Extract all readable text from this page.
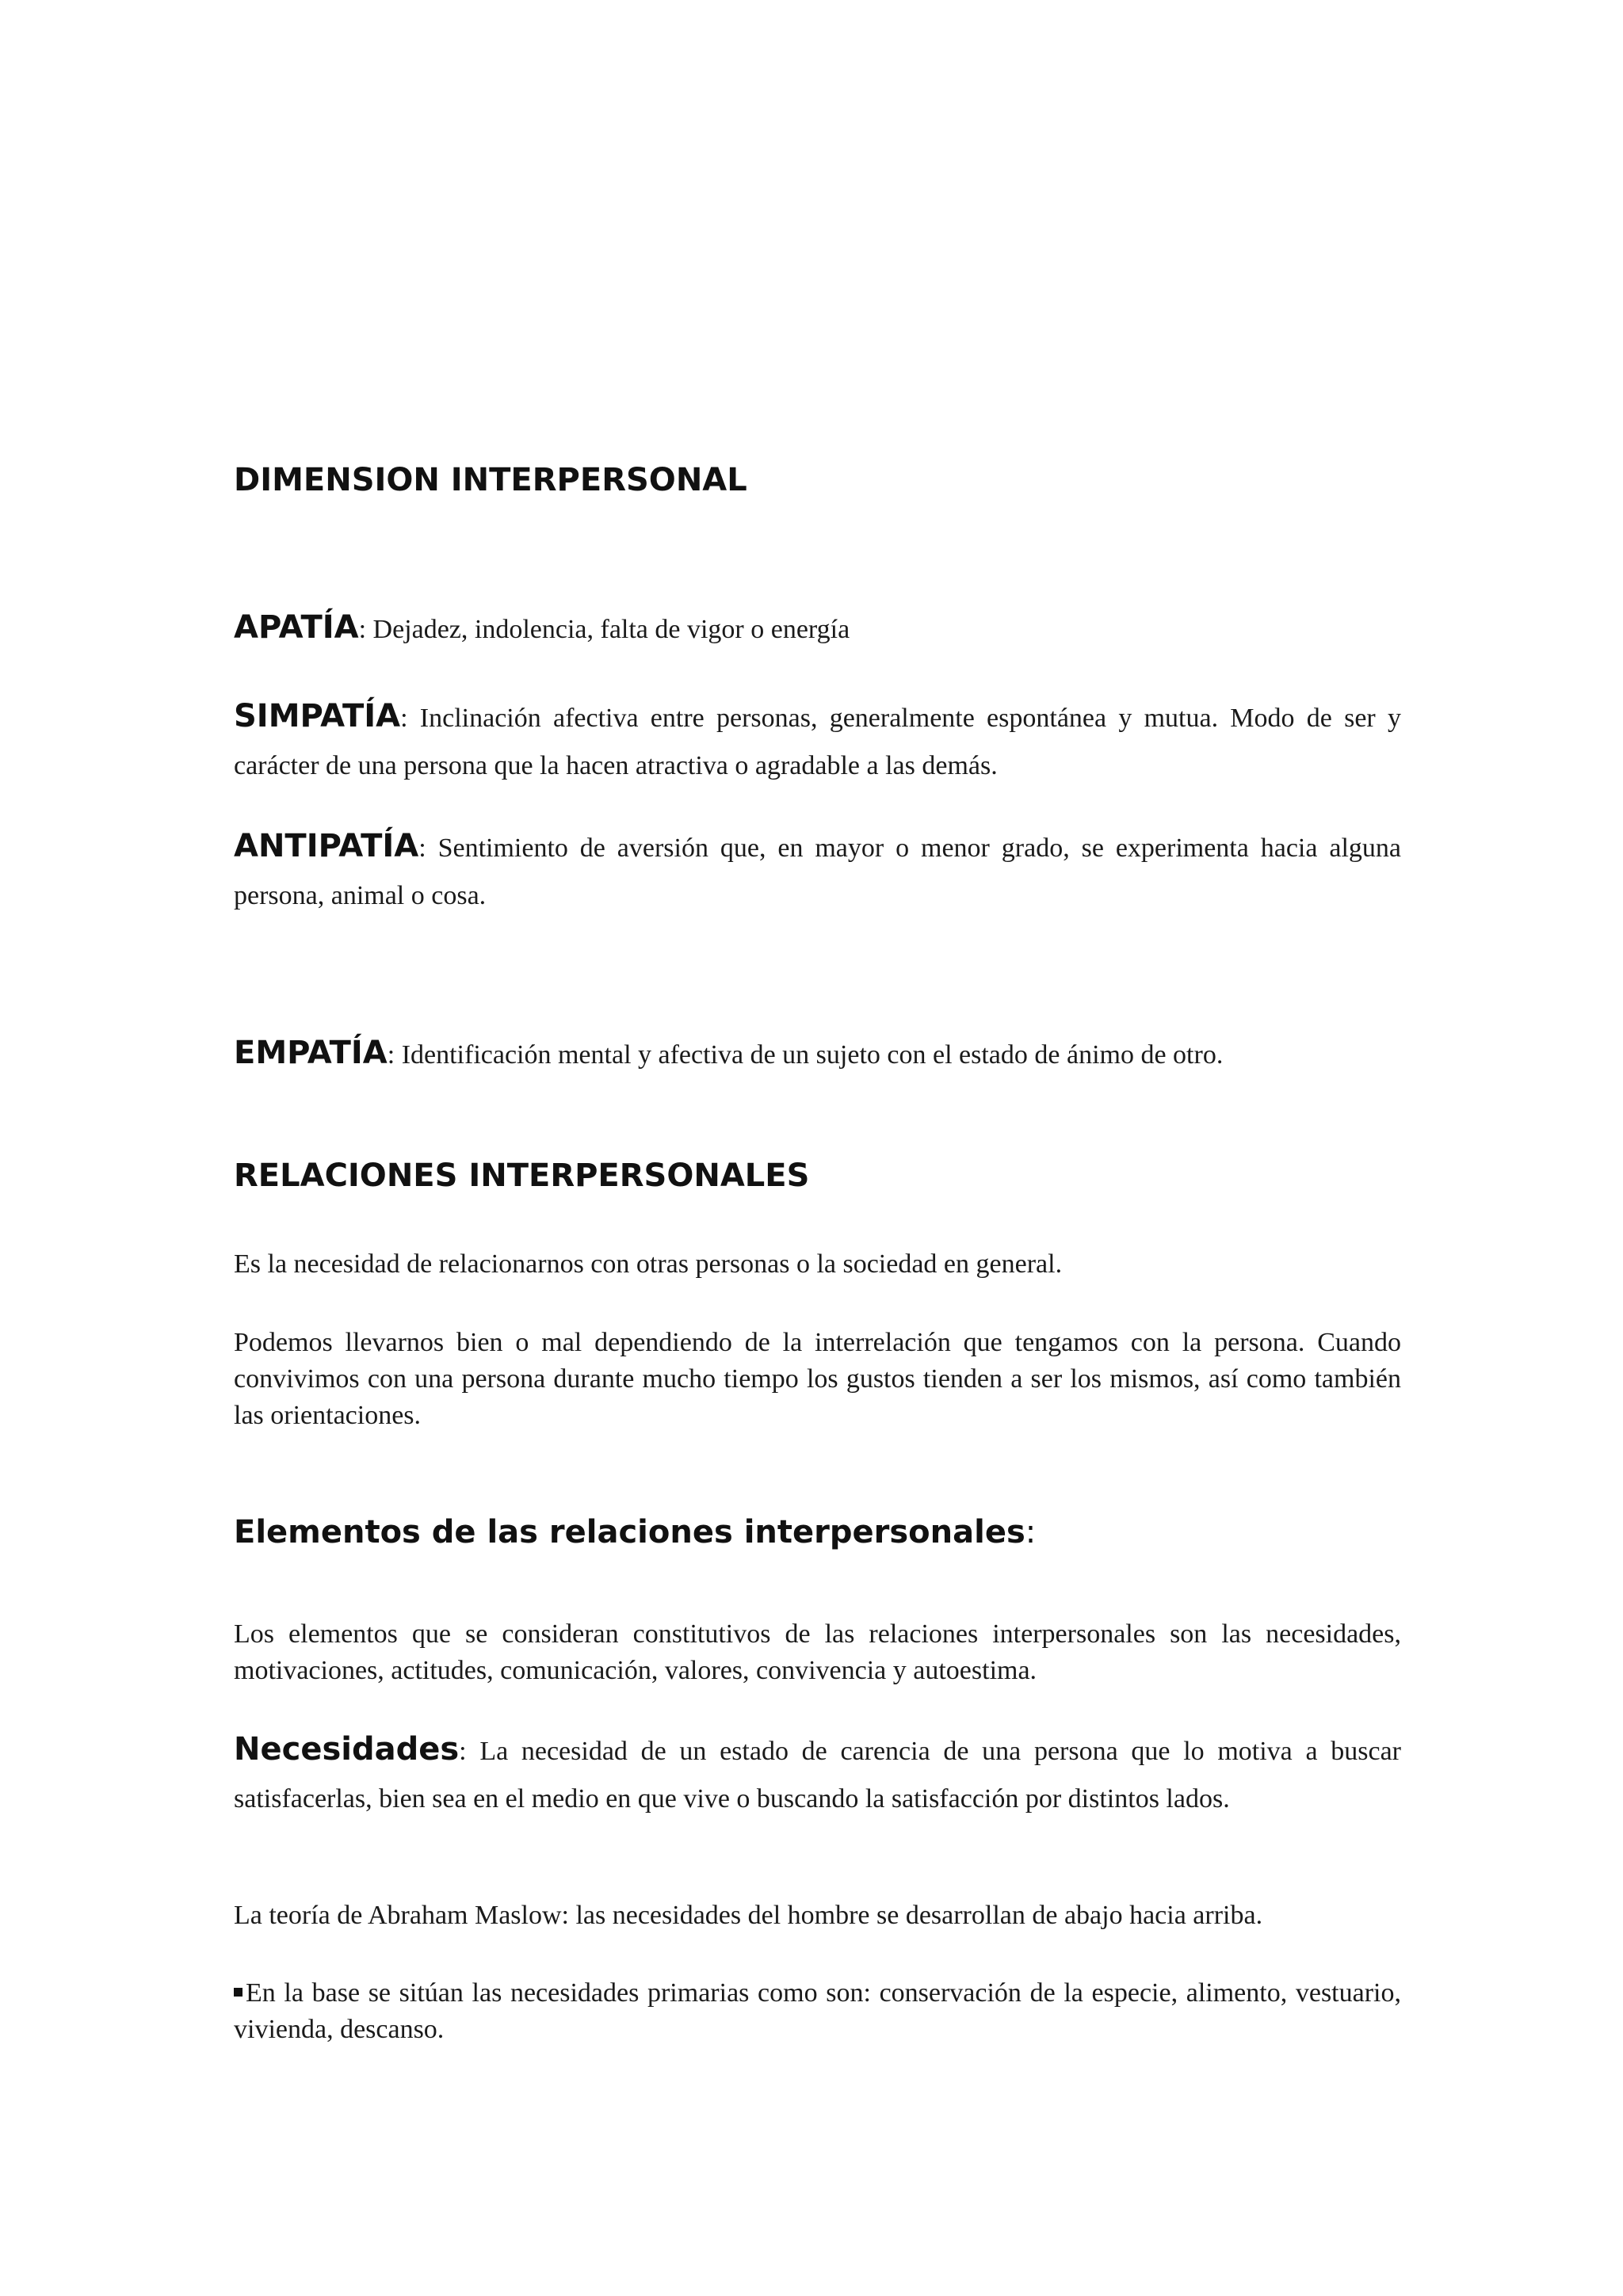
DIMENSION INTERPERSONAL

APATÍA: Dejadez, indolencia, falta de vigor o energía

SIMPATÍA: Inclinación afectiva entre personas, generalmente espontánea y mutua. Modo de ser y carácter de una persona que la hacen atractiva o agradable a las demás.

ANTIPATÍA: Sentimiento de aversión que, en mayor o menor grado, se experimenta hacia alguna persona, animal o cosa.

EMPATÍA: Identificación mental y afectiva de un sujeto con el estado de ánimo de otro.

RELACIONES INTERPERSONALES

Es la necesidad de relacionarnos con otras personas o la sociedad en general.

Podemos llevarnos bien o mal dependiendo de la interrelación que tengamos con la persona. Cuando convivimos con una persona durante mucho tiempo los gustos tienden a ser los mismos, así como también las orientaciones.

Elementos de las relaciones interpersonales:

Los elementos que se consideran constitutivos de las relaciones interpersonales son las necesidades, motivaciones, actitudes, comunicación, valores, convivencia y autoestima.

Necesidades: La necesidad de un estado de carencia de una persona que lo motiva a buscar satisfacerlas, bien sea en el medio en que vive o buscando la satisfacción por distintos lados.

La teoría de Abraham Maslow: las necesidades del hombre se desarrollan de abajo hacia arriba.

En la base se sitúan las necesidades primarias como son: conservación de la especie, alimento, vestuario, vivienda, descanso.
